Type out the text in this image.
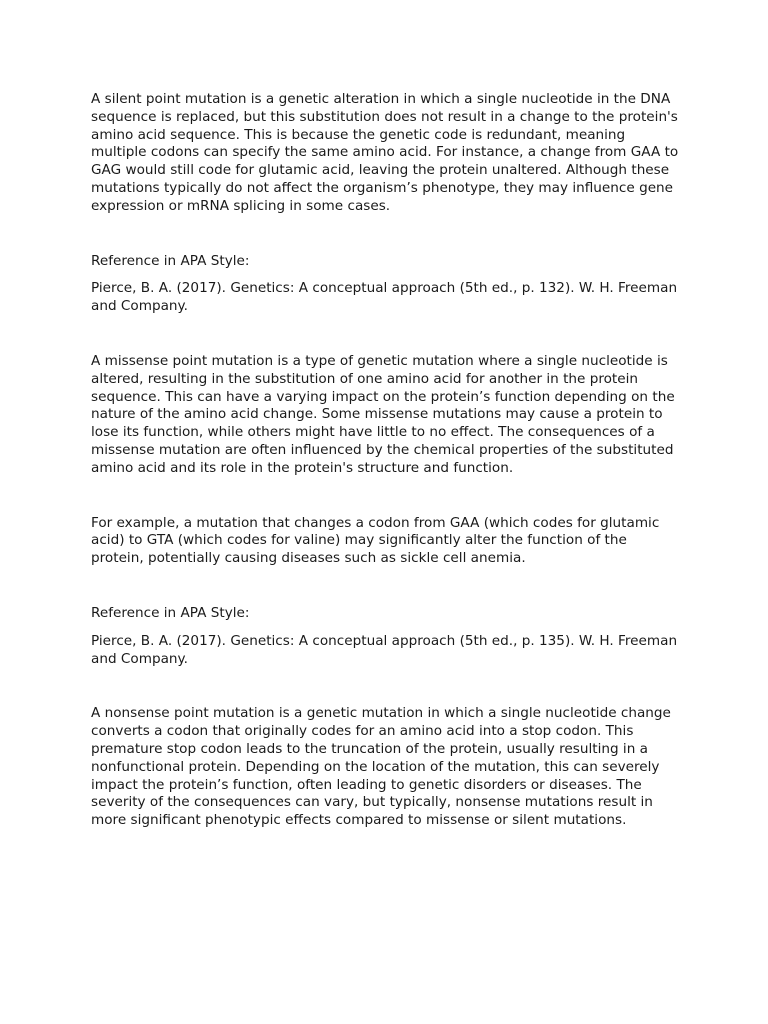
A silent point mutation is a genetic alteration in which a single nucleotide in the DNA sequence is replaced, but this substitution does not result in a change to the protein's amino acid sequence. This is because the genetic code is redundant, meaning multiple codons can specify the same amino acid. For instance, a change from GAA to GAG would still code for glutamic acid, leaving the protein unaltered. Although these mutations typically do not affect the organism’s phenotype, they may influence gene expression or mRNA splicing in some cases.

Reference in APA Style:

Pierce, B. A. (2017). Genetics: A conceptual approach (5th ed., p. 132). W. H. Freeman and Company.

A missense point mutation is a type of genetic mutation where a single nucleotide is altered, resulting in the substitution of one amino acid for another in the protein sequence. This can have a varying impact on the protein’s function depending on the nature of the amino acid change. Some missense mutations may cause a protein to lose its function, while others might have little to no effect. The consequences of a missense mutation are often influenced by the chemical properties of the substituted amino acid and its role in the protein's structure and function.

For example, a mutation that changes a codon from GAA (which codes for glutamic acid) to GTA (which codes for valine) may significantly alter the function of the protein, potentially causing diseases such as sickle cell anemia.

Reference in APA Style:

Pierce, B. A. (2017). Genetics: A conceptual approach (5th ed., p. 135). W. H. Freeman and Company.

A nonsense point mutation is a genetic mutation in which a single nucleotide change converts a codon that originally codes for an amino acid into a stop codon. This premature stop codon leads to the truncation of the protein, usually resulting in a nonfunctional protein. Depending on the location of the mutation, this can severely impact the protein’s function, often leading to genetic disorders or diseases. The severity of the consequences can vary, but typically, nonsense mutations result in more significant phenotypic effects compared to missense or silent mutations.
